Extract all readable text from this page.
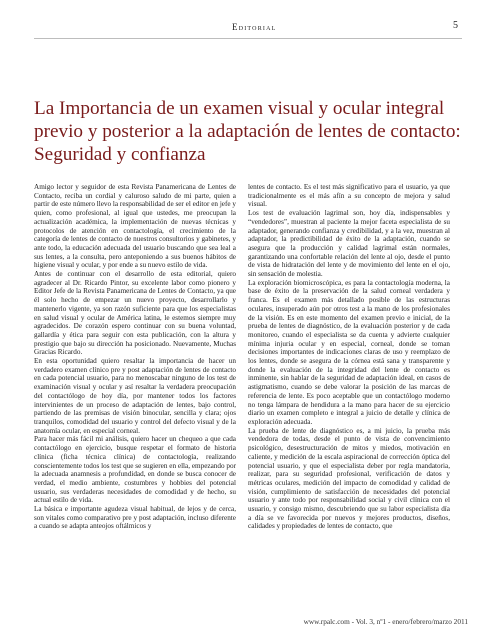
Editorial	5
La Importancia de un examen visual y ocular integral previo y posterior a la adaptación de lentes de contacto: Seguridad y confianza

Amigo lector y seguidor de esta Revista Panamericana de Lentes de Contacto, reciba un cordial y caluroso saludo de mi parte, quien a partir de este número llevo la responsabilidad de ser el editor en jefe y quien, como profesional, al igual que ustedes, me preocupan la actualización académica, la implementación de nuevas técnicas y protocolos de atención en contactología, el crecimiento de la categoría de lentes de contacto de nuestros consultorios y gabinetes, y ante todo, la educación adecuada del usuario buscando que sea leal a sus lentes, a la consulta, pero anteponiendo a sus buenos hábitos de higiene visual y ocular, y por ende a su nuevo estilo de vida.

Antes de continuar con el desarrollo de esta editorial, quiero agradecer al Dr. Ricardo Pintor, su excelente labor como pionero y Editor Jefe de la Revista Panamericana de Lentes de Contacto, ya que él solo hecho de empezar un nuevo proyecto, desarrollarlo y mantenerlo vigente, ya son razón suficiente para que los especialistas en salud visual y ocular de América latina, le estemos siempre muy agradecidos. De corazón espero continuar con su buena voluntad, gallardía y ética para seguir con esta publicación, con la altura y prestigio que bajo su dirección ha posicionado. Nuevamente, Muchas Gracias Ricardo.

En esta oportunidad quiero resaltar la importancia de hacer un verdadero examen clínico pre y post adaptación de lentes de contacto en cada potencial usuario, para no menoscabar ninguno de los test de examinación visual y ocular y así resaltar la verdadera preocupación del contactólogo de hoy día, por mantener todos los factores intervinientes de un proceso de adaptación de lentes, bajo control, partiendo de las premisas de visión binocular, sencilla y clara; ojos tranquilos, comodidad del usuario y control del defecto visual y de la anatomía ocular, en especial corneal.

Para hacer más fácil mi análisis, quiero hacer un chequeo a que cada contactólogo en ejercicio, busque respetar el formato de historia clínica (ficha técnica clínica) de contactología, realizando conscientemente todos los test que se sugieren en ella, empezando por la adecuada anamnesis a profundidad, en donde se busca conocer de verdad, el medio ambiente, costumbres y hobbies del potencial usuario, sus verdaderas necesidades de comodidad y de hecho, su actual estilo de vida.

La básica e importante agudeza visual habitual, de lejos y de cerca, son vitales como comparativo pre y post adaptación, incluso diferente a cuando se adapta anteojos oftálmicos y

lentes de contacto. Es el test más significativo para el usuario, ya que tradicionalmente es el más afín a su concepto de mejora y salud visual.

Los test de evaluación lagrimal son, hoy día, indispensables y “vendedores”, muestran al paciente la mejor faceta especialista de su adaptador, generando confianza y credibilidad, y a la vez, muestran al adaptador, la predictibilidad de éxito de la adaptación, cuando se asegura que la producción y calidad lagrimal están normales, garantizando una confortable relación del lente al ojo, desde el punto de vista de hidratación del lente y de movimiento del lente en el ojo, sin sensación de molestia.

La exploración biomicroscópica, es para la contactología moderna, la base de éxito de la preservación de la salud corneal verdadera y franca. Es el examen más detallado posible de las estructuras oculares, insuperado aún por otros test a la mano de los profesionales de la visión. Es en este momento del examen previo e inicial, de la prueba de lentes de diagnóstico, de la evaluación posterior y de cada monitoreo, cuando el especialista se da cuenta y advierte cualquier mínima injuria ocular y en especial, corneal, donde se toman decisiones importantes de indicaciones claras de uso y reemplazo de los lentes, donde se asegura de la córnea está sana y transparente y donde la evaluación de la integridad del lente de contacto es inminente, sin hablar de la seguridad de adaptación ideal, en casos de astigmatismo, cuando se debe valorar la posición de las marcas de referencia de lente. Es poco aceptable que un contactólogo moderno no tenga lámpara de hendidura a la mano para hacer de su ejercicio diario un examen completo e integral a juicio de detalle y clínica de exploración adecuada.

La prueba de lente de diagnóstico es, a mi juicio, la prueba más vendedora de todas, desde el punto de vista de convencimiento psicológico, desestructuración de mitos y miedos, motivación en caliente, y medición de la escala aspiracional de corrección óptica del potencial usuario, y que el especialista deber por regla mandatoria, realizar, para su seguridad profesional, verificación de datos y métricas oculares, medición del impacto de comodidad y calidad de visión, cumplimiento de satisfacción de necesidades del potencial usuario y ante todo por responsabilidad social y civil clínica con el usuario, y consigo mismo, descubriendo que su labor especialista día a día se ve favorecida por nuevos y mejores productos, diseños, calidades y propiedades de lentes de contacto, que

www.rpalc.com - Vol. 3, nº1 - enero/febrero/marzo 2011
